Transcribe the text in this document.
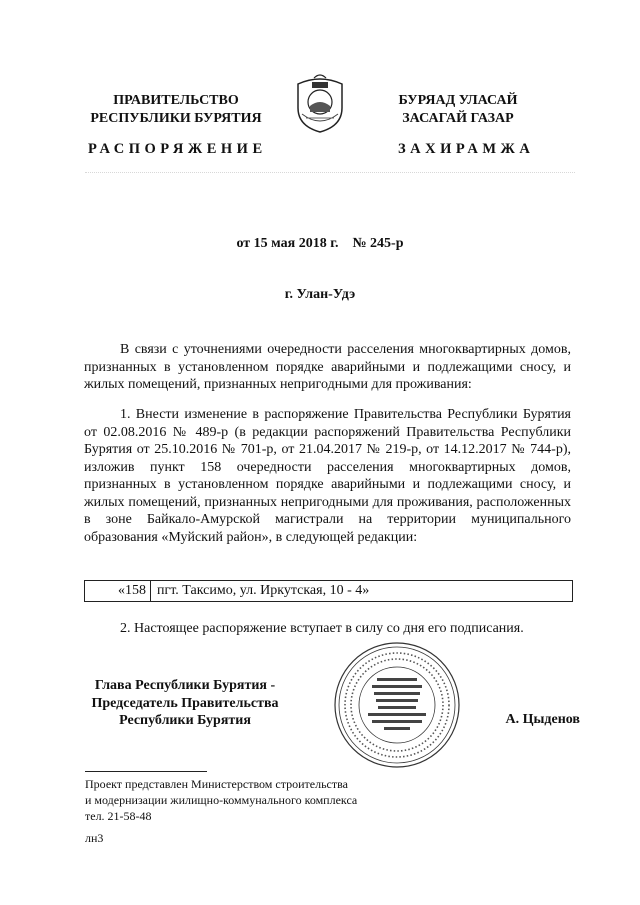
ПРАВИТЕЛЬСТВО
РЕСПУБЛИКИ БУРЯТИЯ
БУРЯАД УЛАСАЙ
ЗАСАГАЙ ГАЗАР
РАСПОРЯЖЕНИЕ	ЗАХИРАМЖА
от 15 мая 2018 г.    № 245-р
г. Улан-Удэ

В связи с уточнениями очередности расселения многоквартирных домов, признанных в установленном порядке аварийными и подлежащими сносу, и жилых помещений, признанных непригодными для проживания:

1. Внести изменение в распоряжение Правительства Республики Бурятия от 02.08.2016 № 489-р (в редакции распоряжений Правительства Республики Бурятия от 25.10.2016 № 701-р, от 21.04.2017 № 219-р, от 14.12.2017 № 744-р), изложив пункт 158 очередности расселения многоквартирных домов, признанных в установленном порядке аварийными и подлежащими сносу, и жилых помещений, признанных непригодными для проживания, расположенных в зоне Байкало-Амурской магистрали на территории муниципального образования «Муйский район», в следующей редакции:

«158 пгт. Таксимо, ул. Иркутская, 10 - 4»

2. Настоящее распоряжение вступает в силу со дня его подписания.

Глава Республики Бурятия -
Председатель Правительства
Республики Бурятия	А. Цыденов
Проект представлен Министерством строительства
и модернизации жилищно-коммунального комплекса
тел. 21-58-48
лн3
